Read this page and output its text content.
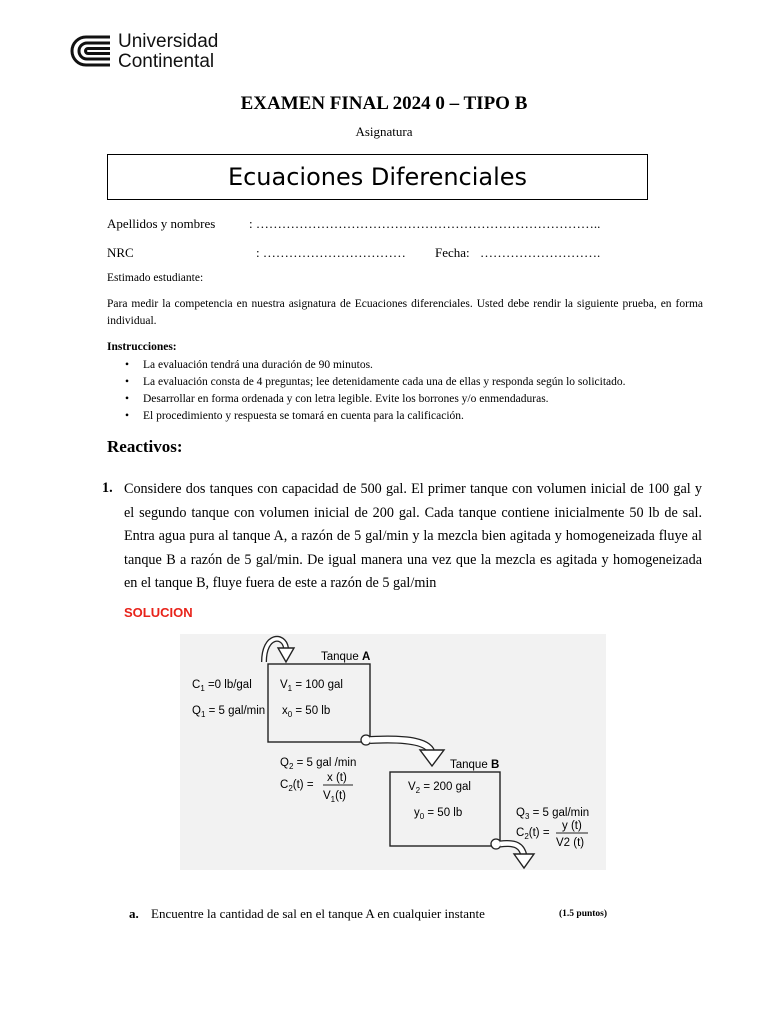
Universidad
Continental
EXAMEN FINAL 2024 0 – TIPO B
Asignatura
Ecuaciones Diferenciales
Apellidos y nombres	: ……………………………………………………………………..
NRC	: …………………………… Fecha: ……………………….
Estimado estudiante:
Para medir la competencia en nuestra asignatura de Ecuaciones diferenciales. Usted debe rendir la siguiente prueba, en forma individual.
Instrucciones:
• La evaluación tendrá una duración de 90 minutos.
• La evaluación consta de 4 preguntas; lee detenidamente cada una de ellas y responda según lo solicitado.
• Desarrollar en forma ordenada y con letra legible. Evite los borrones y/o enmendaduras.
• El procedimiento y respuesta se tomará en cuenta para la calificación.
Reactivos:
1. Considere dos tanques con capacidad de 500 gal. El primer tanque con volumen inicial de 100 gal y el segundo tanque con volumen inicial de 200 gal. Cada tanque contiene inicialmente 50 lb de sal. Entra agua pura al tanque A, a razón de 5 gal/min y la mezcla bien agitada y homogeneizada fluye al tanque B a razón de 5 gal/min. De igual manera una vez que la mezcla es agitada y homogeneizada en el tanque B, fluye fuera de este a razón de 5 gal/min
SOLUCION
Tanque A
$C_1 =0$ lb/gal
$Q_1 = 5$ gal/min
$V_1 = 100$ gal
$x_0 = 50$ lb
$Q_2 = 5$ gal /min
$C_2(t)$ =
x (t)
$V_1(t)$
Tanque B
$V_2 = 200$ gal
$y_0 = 50$ lb	$Q_3 = 5$ gal/min
$C_2(t)$ =
y (t)
V2 (t)
a. Encuentre la cantidad de sal en el tanque A en cualquier instante	(1.5 puntos)
